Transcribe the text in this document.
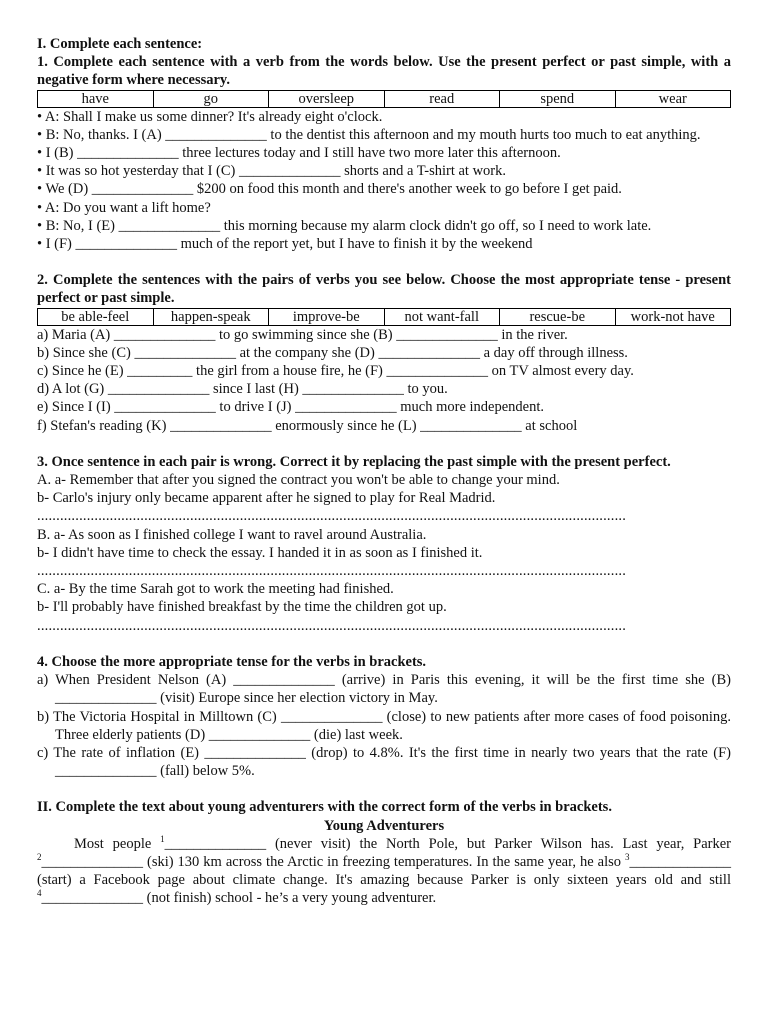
I. Complete each sentence:

1. Complete each sentence with a verb from the words below. Use the present perfect or past simple, with a negative form where necessary.

have	go	oversleep	read	spend	wear

• A: Shall I make us some dinner? It's already eight o'clock.

• B: No, thanks. I (A) ______________ to the dentist this afternoon and my mouth hurts too much to eat anything.

• I (B) ______________ three lectures today and I still have two more later this afternoon.

• It was so hot yesterday that I (C) ______________ shorts and a T-shirt at work.

• We (D) ______________ $200 on food this month and there's another week to go before I get paid.

• A: Do you want a lift home?

• B: No, I (E) ______________ this morning because my alarm clock didn't go off, so I need to work late.

• I (F) ______________ much of the report yet, but I have to finish it by the weekend

2. Complete the sentences with the pairs of verbs you see below. Choose the most appropriate tense - present perfect or past simple.

be able-feel	happen-speak	improve-be	not want-fall	rescue-be	work-not have

a) Maria (A) ______________ to go swimming since she (B) ______________ in the river.

b) Since she (C) ______________ at the company she (D) ______________ a day off through illness.

c) Since he (E) _________ the girl from a house fire, he (F) ______________ on TV almost every day.

d) A lot (G) ______________ since I last (H) ______________ to you.

e) Since I (I) ______________ to drive I (J) ______________ much more independent.

f) Stefan's reading (K) ______________ enormously since he (L) ______________ at school

3. Once sentence in each pair is wrong. Correct it by replacing the past simple with the present perfect.

A. a- Remember that after you signed the contract you won't be able to change your mind.

b- Carlo's injury only became apparent after he signed to play for Real Madrid.

..........................................................................................................................................................

B. a- As soon as I finished college I want to ravel around Australia.

b- I didn't have time to check the essay. I handed it in as soon as I finished it.

..........................................................................................................................................................

C. a- By the time Sarah got to work the meeting had finished.

b- I'll probably have finished breakfast by the time the children got up.

..........................................................................................................................................................

4. Choose the more appropriate tense for the verbs in brackets.

a) When President Nelson (A) ______________ (arrive) in Paris this evening, it will be the first time she (B) ______________ (visit) Europe since her election victory in May.

b) The Victoria Hospital in Milltown (C) ______________ (close) to new patients after more cases of food poisoning. Three elderly patients (D) ______________ (die) last week.

c) The rate of inflation (E) ______________ (drop) to 4.8%. It's the first time in nearly two years that the rate (F) ______________ (fall) below 5%.

II. Complete the text about young adventurers with the correct form of the verbs in brackets.

Young Adventurers

Most people $^1$______________ (never visit) the North Pole, but Parker Wilson has. Last year, Parker $^2$______________ (ski) 130 km across the Arctic in freezing temperatures. In the same year, he also $^3$______________ (start) a Facebook page about climate change. It's amazing because Parker is only sixteen years old and still $^4$______________ (not finish) school - he’s a very young adventurer.
